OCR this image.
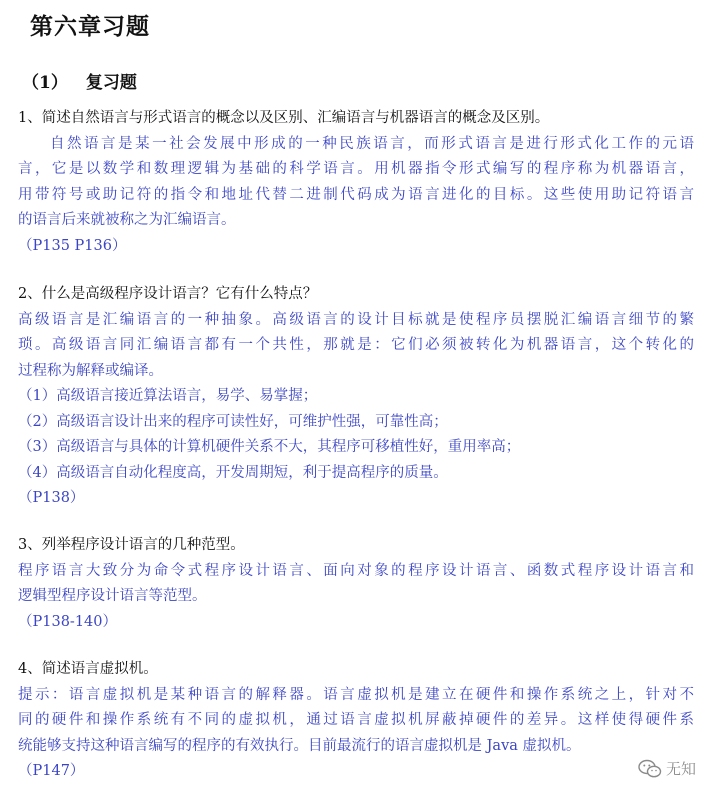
第六章习题
（1） 复习题
1、简述自然语言与形式语言的概念以及区别、汇编语言与机器语言的概念及区别。
自然语言是某一社会发展中形成的一种民族语言，而形式语言是进行形式化工作的元语
言，它是以数学和数理逻辑为基础的科学语言。用机器指令形式编写的程序称为机器语言，
用带符号或助记符的指令和地址代替二进制代码成为语言进化的目标。这些使用助记符语言
的语言后来就被称之为汇编语言。
（P135 P136）
2、什么是高级程序设计语言？它有什么特点？
高级语言是汇编语言的一种抽象。高级语言的设计目标就是使程序员摆脱汇编语言细节的繁
琐。高级语言同汇编语言都有一个共性，那就是：它们必须被转化为机器语言，这个转化的
过程称为解释或编译。
（1）高级语言接近算法语言，易学、易掌握；
（2）高级语言设计出来的程序可读性好，可维护性强，可靠性高；
（3）高级语言与具体的计算机硬件关系不大，其程序可移植性好，重用率高；
（4）高级语言自动化程度高，开发周期短，利于提高程序的质量。
（P138）
3、列举程序设计语言的几种范型。
程序语言大致分为命令式程序设计语言、面向对象的程序设计语言、函数式程序设计语言和
逻辑型程序设计语言等范型。
（P138-140）
4、简述语言虚拟机。
提示：语言虚拟机是某种语言的解释器。语言虚拟机是建立在硬件和操作系统之上，针对不
同的硬件和操作系统有不同的虚拟机，通过语言虚拟机屏蔽掉硬件的差异。这样使得硬件系
统能够支持这种语言编写的程序的有效执行。目前最流行的语言虚拟机是 Java 虚拟机。
（P147）	无知
